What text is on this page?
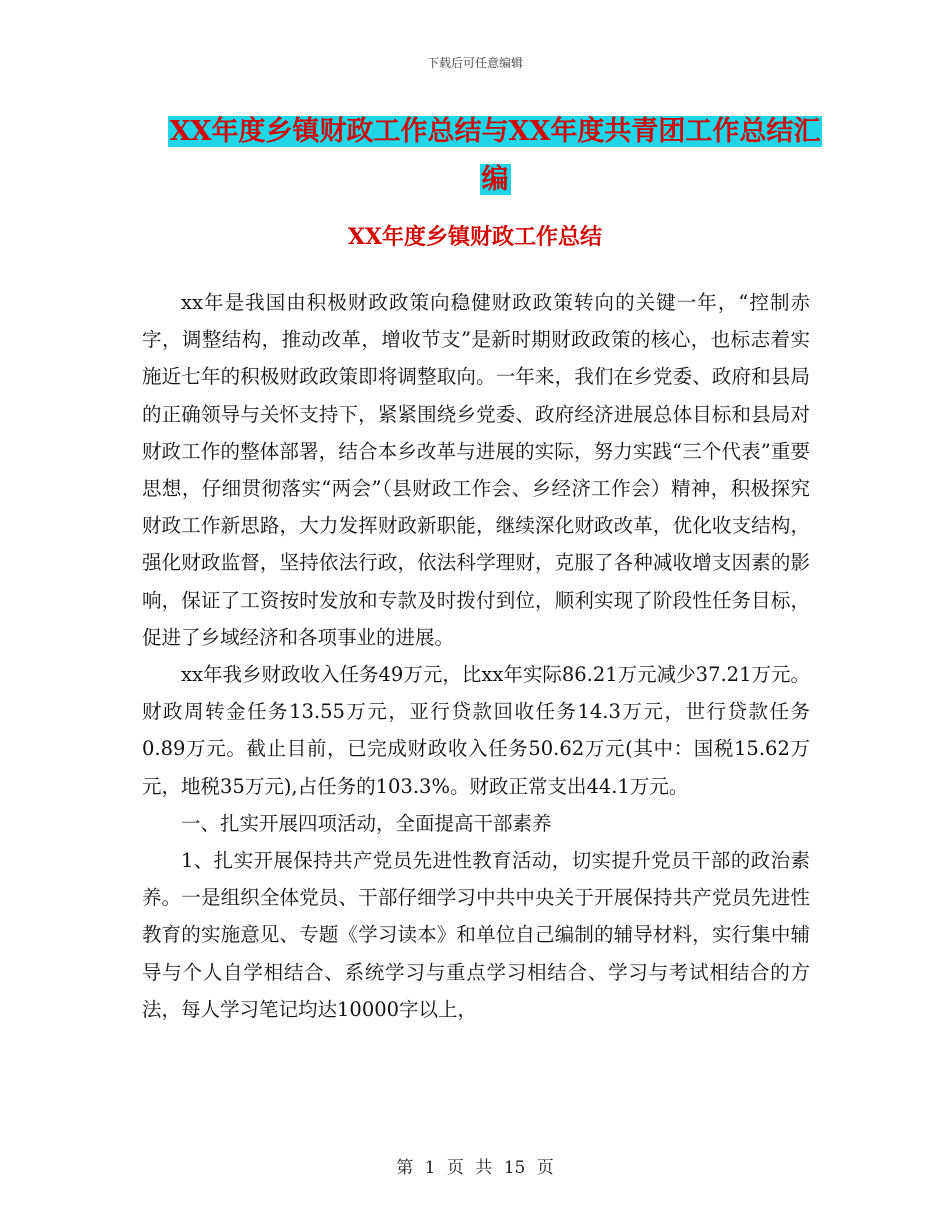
下载后可任意编辑
XX年度乡镇财政工作总结与XX年度共青团工作总结汇
编
XX年度乡镇财政工作总结

xx年是我国由积极财政政策向稳健财政政策转向的关键一年，“控制赤字，调整结构，推动改革，增收节支”是新时期财政政策的核心，也标志着实施近七年的积极财政政策即将调整取向。一年来，我们在乡党委、政府和县局的正确领导与关怀支持下，紧紧围绕乡党委、政府经济进展总体目标和县局对财政工作的整体部署，结合本乡改革与进展的实际，努力实践“三个代表”重要思想，仔细贯彻落实“两会”（县财政工作会、乡经济工作会）精神，积极探究财政工作新思路，大力发挥财政新职能，继续深化财政改革，优化收支结构，强化财政监督，坚持依法行政，依法科学理财，克服了各种减收增支因素的影响，保证了工资按时发放和专款及时拨付到位，顺利实现了阶段性任务目标，促进了乡域经济和各项事业的进展。

xx年我乡财政收入任务49万元，比xx年实际86.21万元减少37.21万元。财政周转金任务13.55万元，亚行贷款回收任务14.3万元，世行贷款任务0.89万元。截止目前，已完成财政收入任务50.62万元(其中：国税15.62万元，地税35万元),占任务的103.3%。财政正常支出44.1万元。

一、扎实开展四项活动，全面提高干部素养

1、扎实开展保持共产党员先进性教育活动，切实提升党员干部的政治素养。一是组织全体党员、干部仔细学习中共中央关于开展保持共产党员先进性教育的实施意见、专题《学习读本》和单位自己编制的辅导材料，实行集中辅导与个人自学相结合、系统学习与重点学习相结合、学习与考试相结合的方法，每人学习笔记均达10000字以上，

第 1 页 共 15 页
